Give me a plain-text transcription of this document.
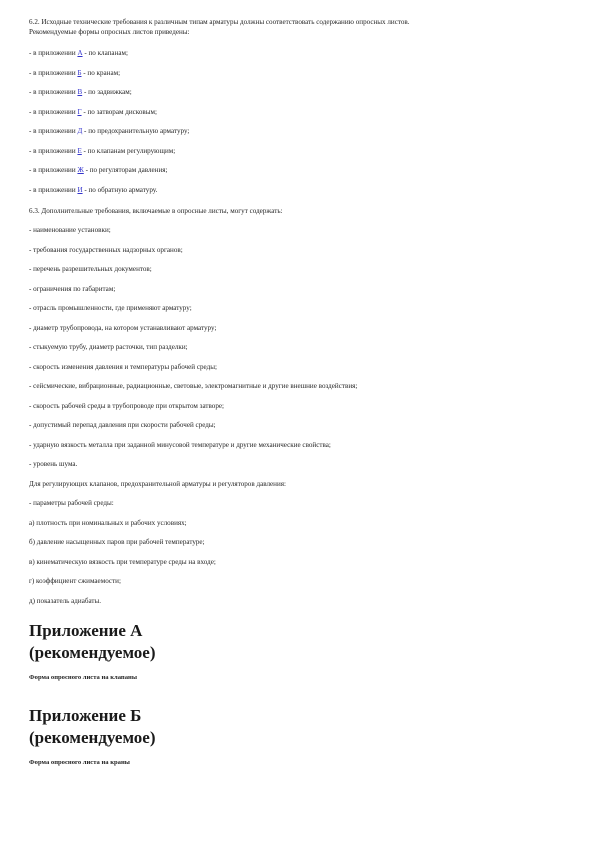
6.2. Исходные технические требования к различным типам арматуры должны соответствовать содержанию опросных листов.

Рекомендуемые формы опросных листов приведены:

- в приложении А - по клапанам;

- в приложении Б - по кранам;

- в приложении В - по задвижкам;

- в приложении Г - по затворам дисковым;

- в приложении Д - по предохранительную арматуру;

- в приложении Е - по клапанам регулирующим;

- в приложении Ж - по регуляторам давления;

- в приложении И - по обратную арматуру.

6.3. Дополнительные требования, включаемые в опросные листы, могут содержать:

- наименование установки;

- требования государственных надзорных органов;

- перечень разрешительных документов;

- ограничения по габаритам;

- отрасль промышленности, где применяют арматуру;

- диаметр трубопровода, на котором устанавливают арматуру;

- стыкуемую трубу, диаметр расточки, тип разделки;

- скорость изменения давления и температуры рабочей среды;

- сейсмические, вибрационные, радиационные, световые, электромагнитные и другие внешние воздействия;

- скорость рабочей среды в трубопроводе при открытом затворе;

- допустимый перепад давления при скорости рабочей среды;

- ударную вязкость металла при заданной минусовой температуре и другие механические свойства;

- уровень шума.

Для регулирующих клапанов, предохранительной арматуры и регуляторов давления:

- параметры рабочей среды:

а) плотность при номинальных и рабочих условиях;

б) давление насыщенных паров при рабочей температуре;

в) кинематическую вязкость при температуре среды на входе;

г) коэффициент сжимаемости;

д) показатель адиабаты.

Приложение А
(рекомендуемое)

Форма опросного листа на клапаны

Приложение Б
(рекомендуемое)

Форма опросного листа на краны
